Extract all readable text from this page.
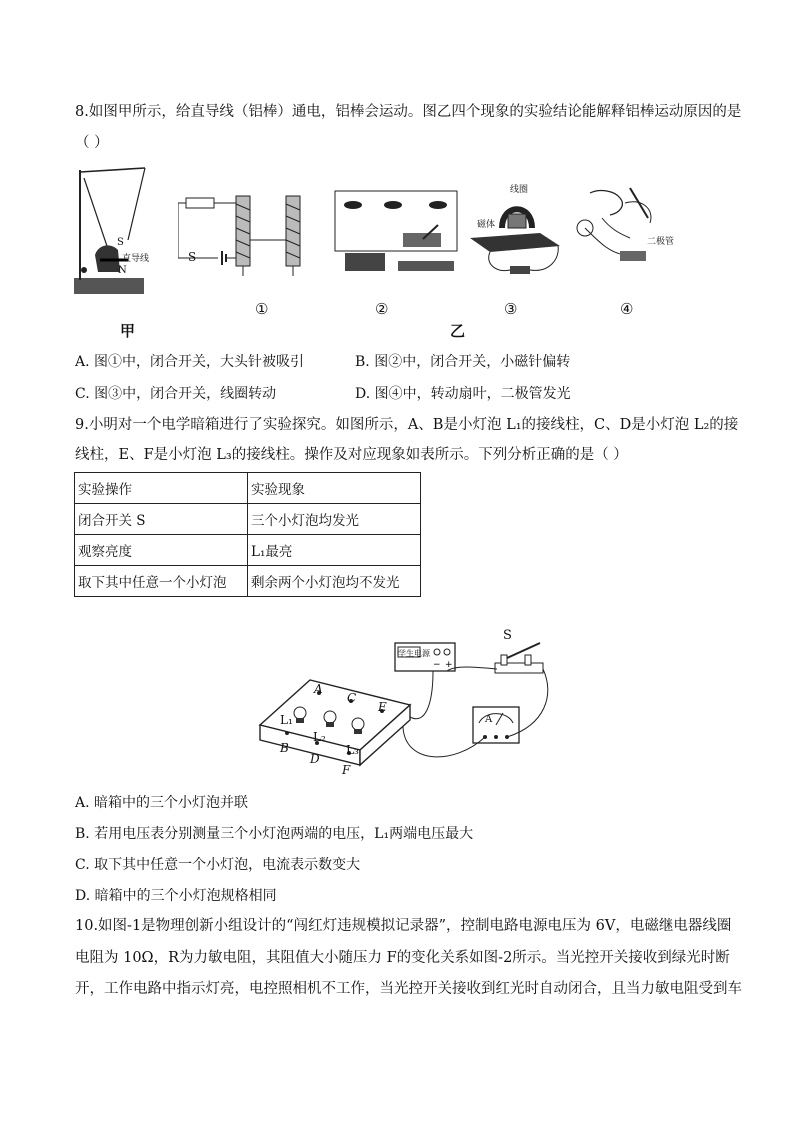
8.如图甲所示，给直导线（铝棒）通电，铝棒会运动。图乙四个现象的实验结论能解释铝棒运动原因的是
（ ）
S
N
直导线	S
线圈
磁体
二极管
①	②	③	④
甲	乙
A. 图①中，闭合开关，大头针被吸引	B. 图②中，闭合开关，小磁针偏转
C. 图③中，闭合开关，线圈转动	D. 图④中，转动扇叶，二极管发光
9.小明对一个电学暗箱进行了实验探究。如图所示，A、B是小灯泡 L₁的接线柱，C、D是小灯泡 L₂的接
线柱，E、F是小灯泡 L₃的接线柱。操作及对应现象如表所示。下列分析正确的是（ ）
实验操作	实验现象
闭合开关 S	三个小灯泡均发光
观察亮度	L₁最亮
取下其中任意一个小灯泡	剩余两个小灯泡均不发光
− +
S
学生电源
A
A
B
C
D
E
F
L₁
L₂
L₃
A. 暗箱中的三个小灯泡并联
B. 若用电压表分别测量三个小灯泡两端的电压，L₁两端电压最大
C. 取下其中任意一个小灯泡，电流表示数变大
D. 暗箱中的三个小灯泡规格相同
10.如图-1是物理创新小组设计的“闯红灯违规模拟记录器”，控制电路电源电压为 6V，电磁继电器线圈
电阻为 10Ω，R为力敏电阻，其阻值大小随压力 F的变化关系如图-2所示。当光控开关接收到绿光时断
开，工作电路中指示灯亮，电控照相机不工作，当光控开关接收到红光时自动闭合，且当力敏电阻受到车
